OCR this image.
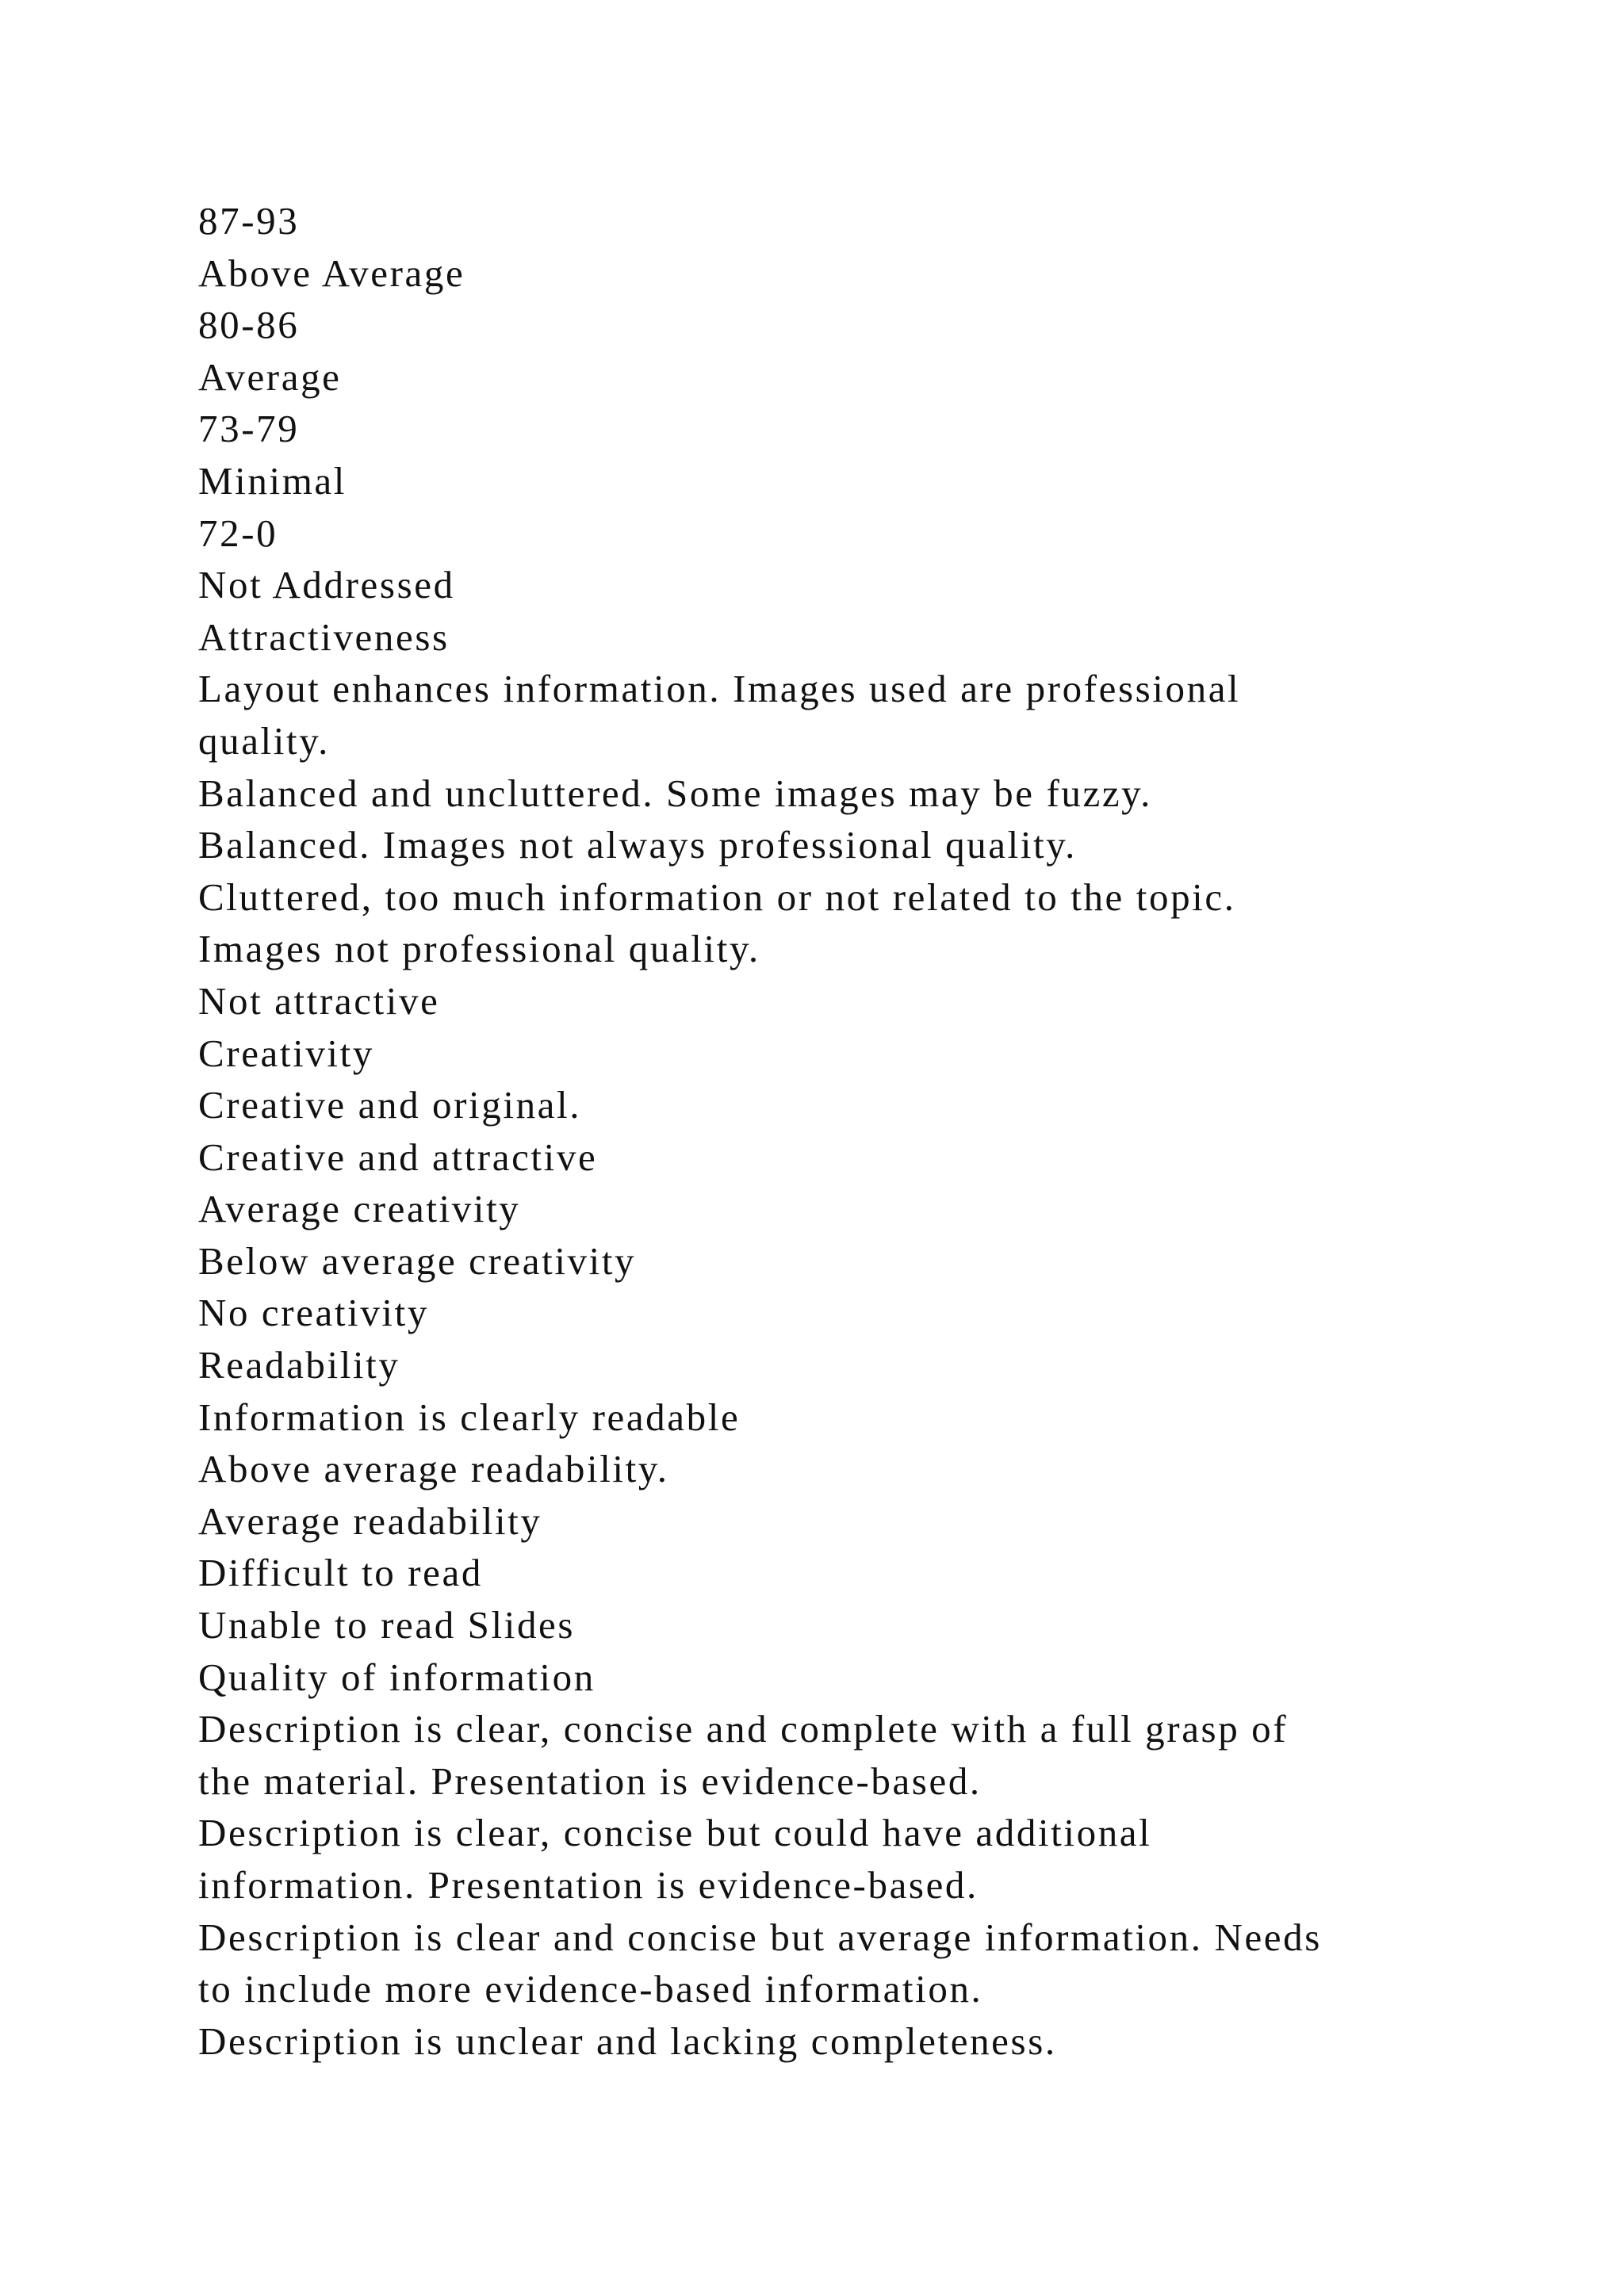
87-93
Above Average
80-86
Average
73-79
Minimal
72-0
Not Addressed
Attractiveness
Layout enhances information. Images used are professional
quality.
Balanced and uncluttered. Some images may be fuzzy.
Balanced. Images not always professional quality.
Cluttered, too much information or not related to the topic.
Images not professional quality.
Not attractive
Creativity
Creative and original.
Creative and attractive
Average creativity
Below average creativity
No creativity
Readability
Information is clearly readable
Above average readability.
Average readability
Difficult to read
Unable to read Slides
Quality of information
Description is clear, concise and complete with a full grasp of
the material. Presentation is evidence-based.
Description is clear, concise but could have additional
information. Presentation is evidence-based.
Description is clear and concise but average information. Needs
to include more evidence-based information.
Description is unclear and lacking completeness.
